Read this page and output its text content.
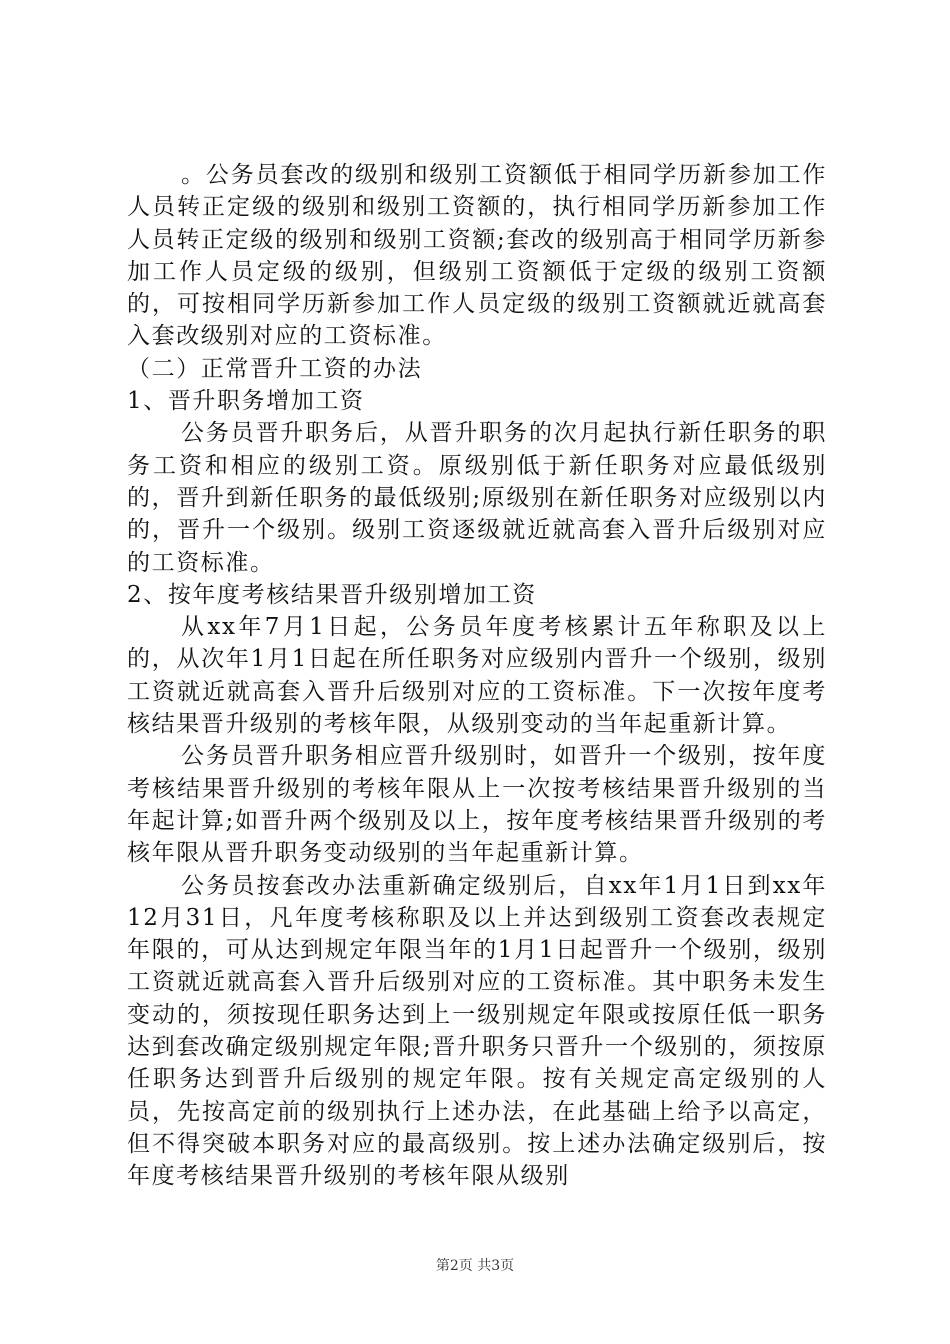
。公务员套改的级别和级别工资额低于相同学历新参加工作人员转正定级的级别和级别工资额的，执行相同学历新参加工作人员转正定级的级别和级别工资额;套改的级别高于相同学历新参加工作人员定级的级别，但级别工资额低于定级的级别工资额的，可按相同学历新参加工作人员定级的级别工资额就近就高套入套改级别对应的工资标准。

（二）正常晋升工资的办法

1、晋升职务增加工资

公务员晋升职务后，从晋升职务的次月起执行新任职务的职务工资和相应的级别工资。原级别低于新任职务对应最低级别的，晋升到新任职务的最低级别;原级别在新任职务对应级别以内的，晋升一个级别。级别工资逐级就近就高套入晋升后级别对应的工资标准。

2、按年度考核结果晋升级别增加工资

从xx年7月1日起，公务员年度考核累计五年称职及以上的，从次年1月1日起在所任职务对应级别内晋升一个级别，级别工资就近就高套入晋升后级别对应的工资标准。下一次按年度考核结果晋升级别的考核年限，从级别变动的当年起重新计算。

公务员晋升职务相应晋升级别时，如晋升一个级别，按年度考核结果晋升级别的考核年限从上一次按考核结果晋升级别的当年起计算;如晋升两个级别及以上，按年度考核结果晋升级别的考核年限从晋升职务变动级别的当年起重新计算。

公务员按套改办法重新确定级别后，自xx年1月1日到xx年12月31日，凡年度考核称职及以上并达到级别工资套改表规定年限的，可从达到规定年限当年的1月1日起晋升一个级别，级别工资就近就高套入晋升后级别对应的工资标准。其中职务未发生变动的，须按现任职务达到上一级别规定年限或按原任低一职务达到套改确定级别规定年限;晋升职务只晋升一个级别的，须按原任职务达到晋升后级别的规定年限。按有关规定高定级别的人员，先按高定前的级别执行上述办法，在此基础上给予以高定，但不得突破本职务对应的最高级别。按上述办法确定级别后，按年度考核结果晋升级别的考核年限从级别

第2页 共3页
